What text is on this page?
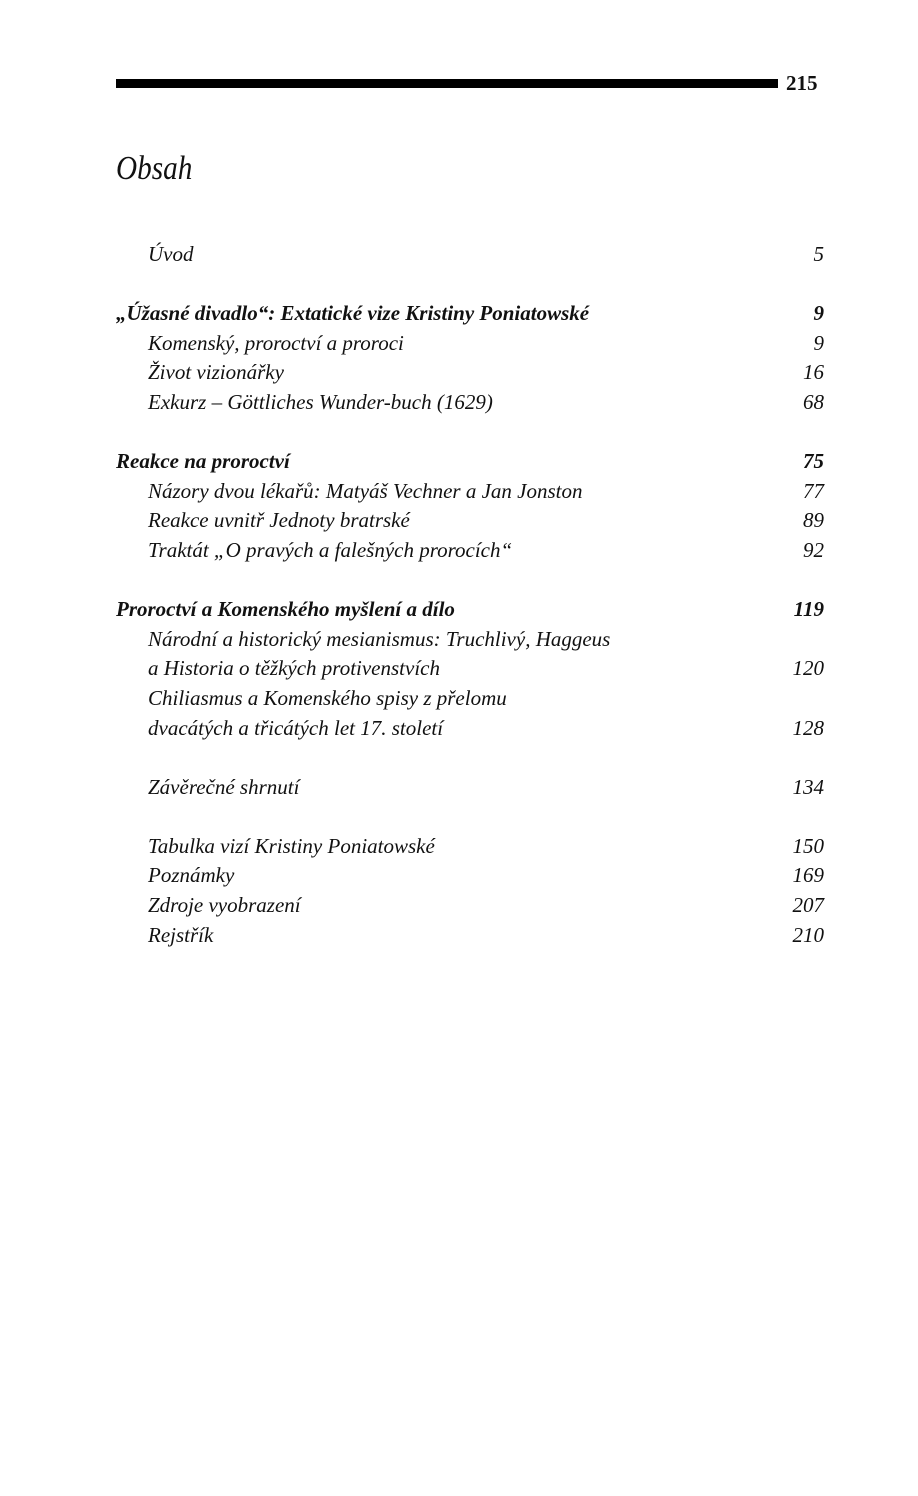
215
Obsah
Úvod	5
„Úžasné divadlo“: Extatické vize Kristiny Poniatowské	9
Komenský, proroctví a proroci	9
Život vizionářky	16
Exkurz – Göttliches Wunder-buch (1629)	68
Reakce na proroctví	75
Názory dvou lékařů: Matyáš Vechner a Jan Jonston	77
Reakce uvnitř Jednoty bratrské	89
Traktát „O pravých a falešných prorocích“	92
Proroctví a Komenského myšlení a dílo	119
Národní a historický mesianismus: Truchlivý, Haggeus
a Historia o těžkých protivenstvích	120
Chiliasmus a Komenského spisy z přelomu
dvacátých a třicátých let 17. století	128
Závěrečné shrnutí	134
Tabulka vizí Kristiny Poniatowské	150
Poznámky	169
Zdroje vyobrazení	207
Rejstřík	210
